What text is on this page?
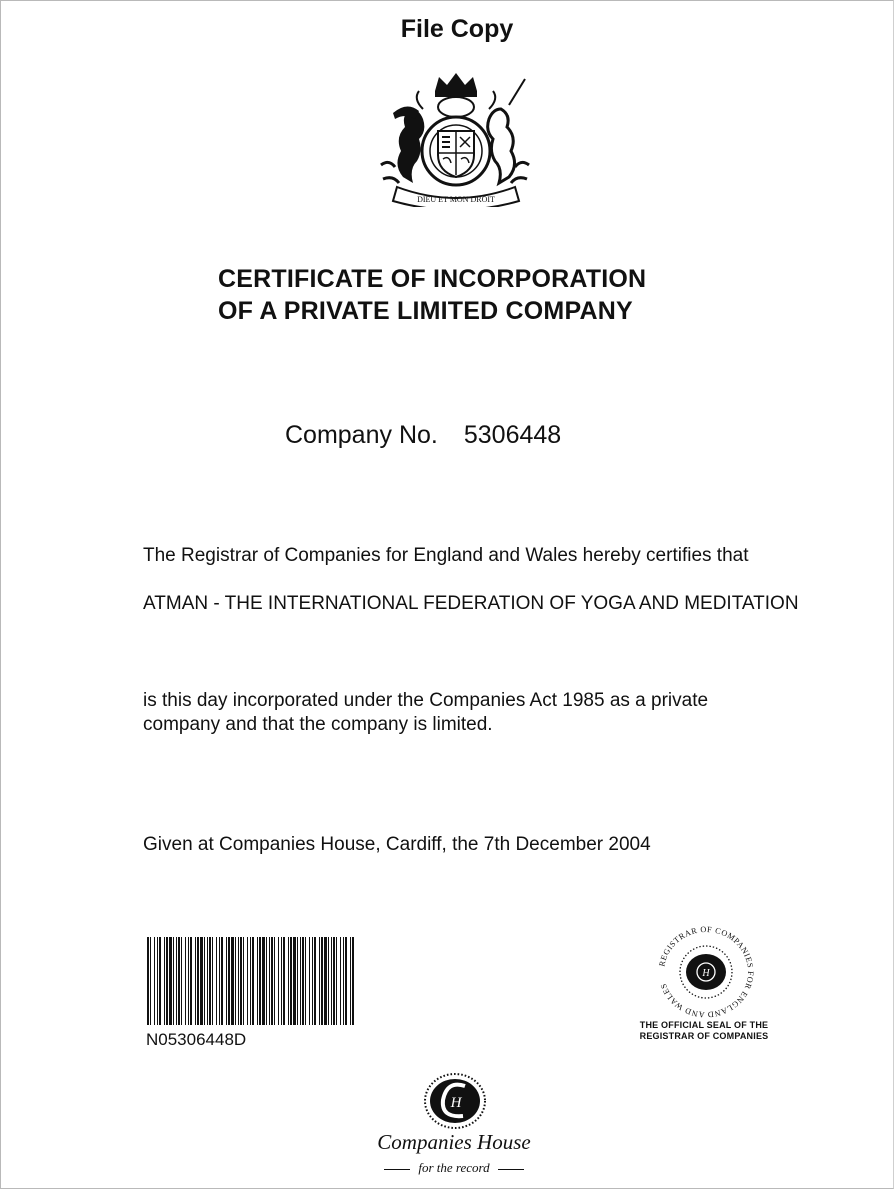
File Copy
DIEU ET MON DROIT
CERTIFICATE OF INCORPORATION
OF A PRIVATE LIMITED COMPANY
Company No. 5306448
The Registrar of Companies for England and Wales hereby certifies that
ATMAN - THE INTERNATIONAL FEDERATION OF YOGA AND MEDITATION
is this day incorporated under the Companies Act 1985 as a private
company and that the company is limited.
Given at Companies House, Cardiff, the 7th December 2004
N05306448D
REGISTRAR OF COMPANIES FOR ENGLAND AND WALES
H
THE OFFICIAL SEAL OF THE
REGISTRAR OF COMPANIES
H
Companies House
for the record
